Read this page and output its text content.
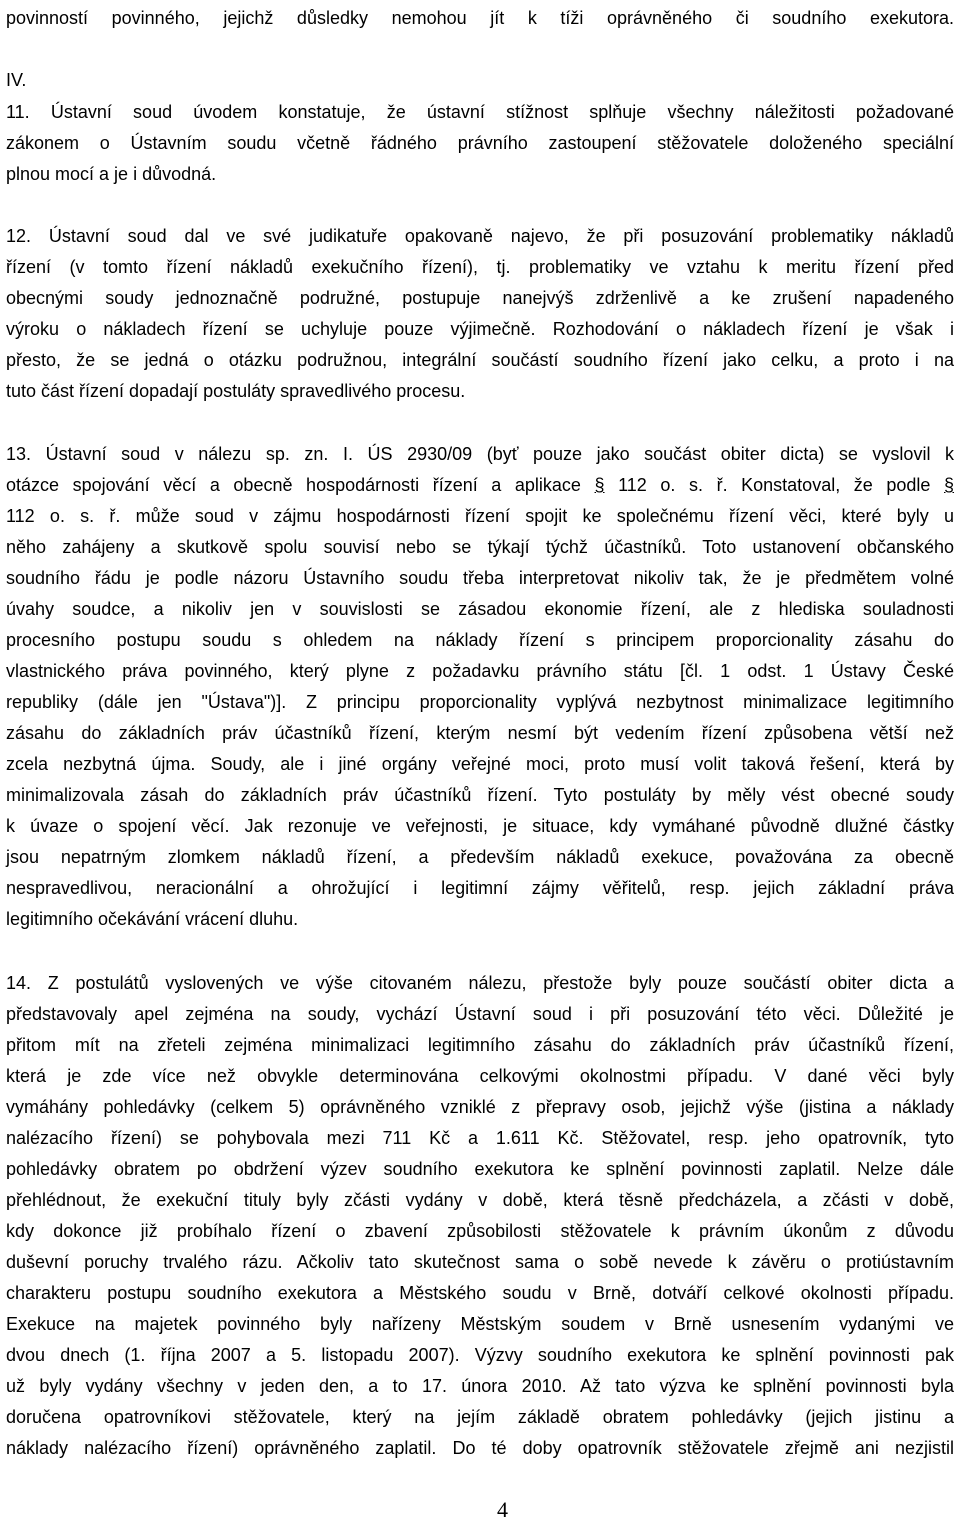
povinností povinného, jejichž důsledky nemohou jít k tíži oprávněného či soudního exekutora.
IV.
11. Ústavní soud úvodem konstatuje, že ústavní stížnost splňuje všechny náležitosti požadované
zákonem o Ústavním soudu včetně řádného právního zastoupení stěžovatele doloženého speciální
plnou mocí a je i důvodná.
12. Ústavní soud dal ve své judikatuře opakovaně najevo, že při posuzování problematiky nákladů
řízení (v tomto řízení nákladů exekučního řízení), tj. problematiky ve vztahu k meritu řízení před
obecnými soudy jednoznačně podružné, postupuje nanejvýš zdrženlivě a ke zrušení napadeného
výroku o nákladech řízení se uchyluje pouze výjimečně. Rozhodování o nákladech řízení je však i
přesto, že se jedná o otázku podružnou, integrální součástí soudního řízení jako celku, a proto i na
tuto část řízení dopadají postuláty spravedlivého procesu.
13. Ústavní soud v nálezu sp. zn. I. ÚS 2930/09 (byť pouze jako součást obiter dicta) se vyslovil k
otázce spojování věcí a obecně hospodárnosti řízení a aplikace § 112 o. s. ř. Konstatoval, že podle §
112 o. s. ř. může soud v zájmu hospodárnosti řízení spojit ke společnému řízení věci, které byly u
něho zahájeny a skutkově spolu souvisí nebo se týkají týchž účastníků. Toto ustanovení občanského
soudního řádu je podle názoru Ústavního soudu třeba interpretovat nikoliv tak, že je předmětem volné
úvahy soudce, a nikoliv jen v souvislosti se zásadou ekonomie řízení, ale z hlediska souladnosti
procesního postupu soudu s ohledem na náklady řízení s principem proporcionality zásahu do
vlastnického práva povinného, který plyne z požadavku právního státu [čl. 1 odst. 1 Ústavy České
republiky (dále jen "Ústava")]. Z principu proporcionality vyplývá nezbytnost minimalizace legitimního
zásahu do základních práv účastníků řízení, kterým nesmí být vedením řízení způsobena větší než
zcela nezbytná újma. Soudy, ale i jiné orgány veřejné moci, proto musí volit taková řešení, která by
minimalizovala zásah do základních práv účastníků řízení. Tyto postuláty by měly vést obecné soudy
k úvaze o spojení věcí. Jak rezonuje ve veřejnosti, je situace, kdy vymáhané původně dlužné částky
jsou nepatrným zlomkem nákladů řízení, a především nákladů exekuce, považována za obecně
nespravedlivou, neracionální a ohrožující i legitimní zájmy věřitelů, resp. jejich základní práva
legitimního očekávání vrácení dluhu.
14. Z postulátů vyslovených ve výše citovaném nálezu, přestože byly pouze součástí obiter dicta a
představovaly apel zejména na soudy, vychází Ústavní soud i při posuzování této věci. Důležité je
přitom mít na zřeteli zejména minimalizaci legitimního zásahu do základních práv účastníků řízení,
která je zde více než obvykle determinována celkovými okolnostmi případu. V dané věci byly
vymáhány pohledávky (celkem 5) oprávněného vzniklé z přepravy osob, jejichž výše (jistina a náklady
nalézacího řízení) se pohybovala mezi 711 Kč a 1.611 Kč. Stěžovatel, resp. jeho opatrovník, tyto
pohledávky obratem po obdržení výzev soudního exekutora ke splnění povinnosti zaplatil. Nelze dále
přehlédnout, že exekuční tituly byly zčásti vydány v době, která těsně předcházela, a zčásti v době,
kdy dokonce již probíhalo řízení o zbavení způsobilosti stěžovatele k právním úkonům z důvodu
duševní poruchy trvalého rázu. Ačkoliv tato skutečnost sama o sobě nevede k závěru o protiústavním
charakteru postupu soudního exekutora a Městského soudu v Brně, dotváří celkové okolnosti případu.
Exekuce na majetek povinného byly nařízeny Městským soudem v Brně usnesením vydanými ve
dvou dnech (1. října 2007 a 5. listopadu 2007). Výzvy soudního exekutora ke splnění povinnosti pak
už byly vydány všechny v jeden den, a to 17. února 2010. Až tato výzva ke splnění povinnosti byla
doručena opatrovníkovi stěžovatele, který na jejím základě obratem pohledávky (jejich jistinu a
náklady nalézacího řízení) oprávněného zaplatil. Do té doby opatrovník stěžovatele zřejmě ani nezjistil
4
